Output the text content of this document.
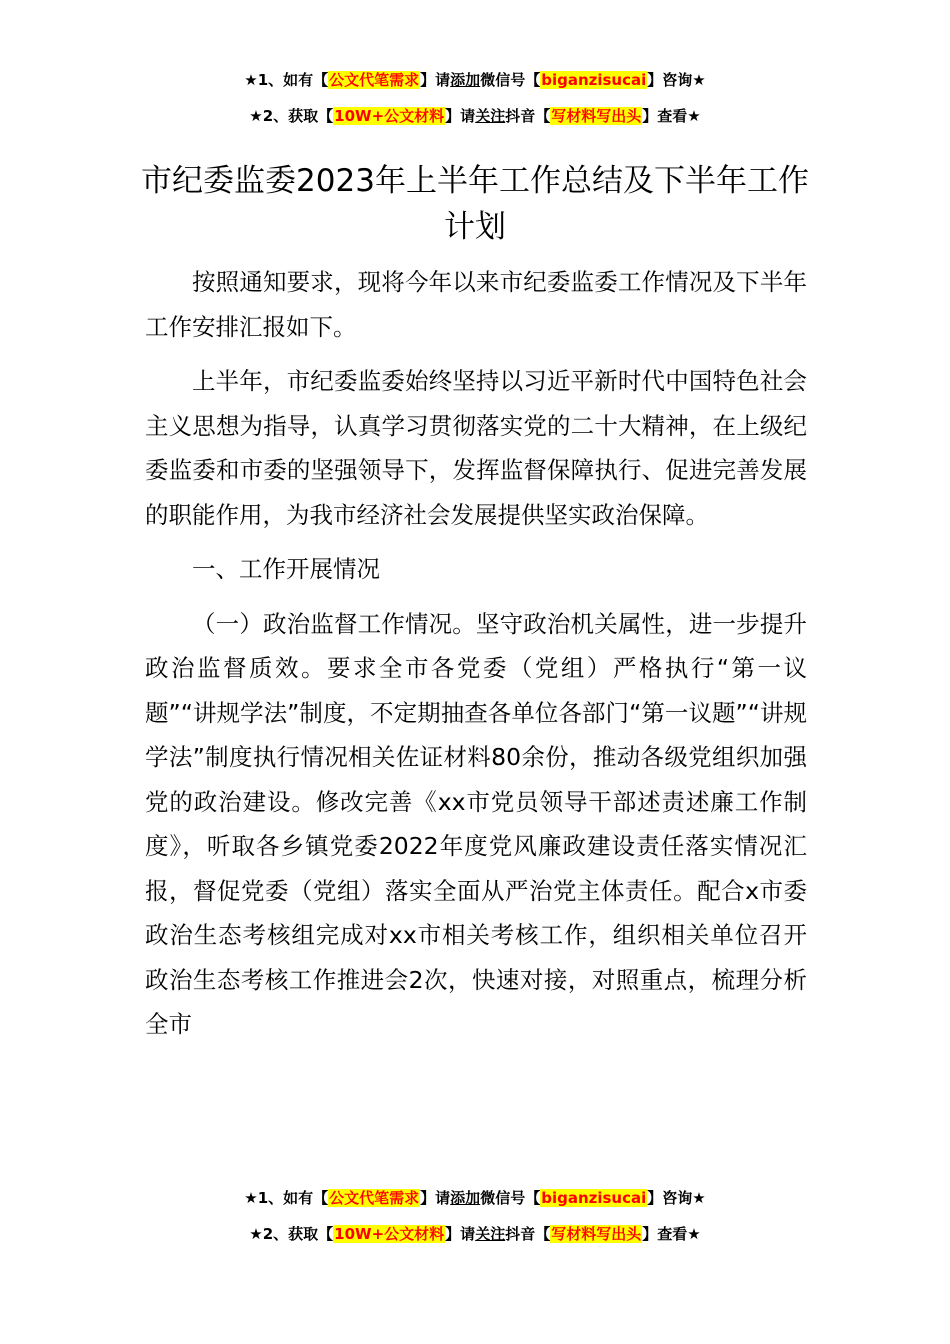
★1、如有【公文代笔需求】请添加微信号【biganzisucai】咨询★
★2、获取【10W+公文材料】请关注抖音【写材料写出头】查看★
市纪委监委2023年上半年工作总结及下半年工作计划

按照通知要求，现将今年以来市纪委监委工作情况及下半年工作安排汇报如下。

上半年，市纪委监委始终坚持以习近平新时代中国特色社会主义思想为指导，认真学习贯彻落实党的二十大精神，在上级纪委监委和市委的坚强领导下，发挥监督保障执行、促进完善发展的职能作用，为我市经济社会发展提供坚实政治保障。

一、工作开展情况

（一）政治监督工作情况。坚守政治机关属性，进一步提升政治监督质效。要求全市各党委（党组）严格执行“第一议题”“讲规学法”制度，不定期抽查各单位各部门“第一议题”“讲规学法”制度执行情况相关佐证材料80余份，推动各级党组织加强党的政治建设。修改完善《xx市党员领导干部述责述廉工作制度》，听取各乡镇党委2022年度党风廉政建设责任落实情况汇报，督促党委（党组）落实全面从严治党主体责任。配合x市委政治生态考核组完成对xx市相关考核工作，组织相关单位召开政治生态考核工作推进会2次，快速对接，对照重点，梳理分析全市

★1、如有【公文代笔需求】请添加微信号【biganzisucai】咨询★
★2、获取【10W+公文材料】请关注抖音【写材料写出头】查看★
